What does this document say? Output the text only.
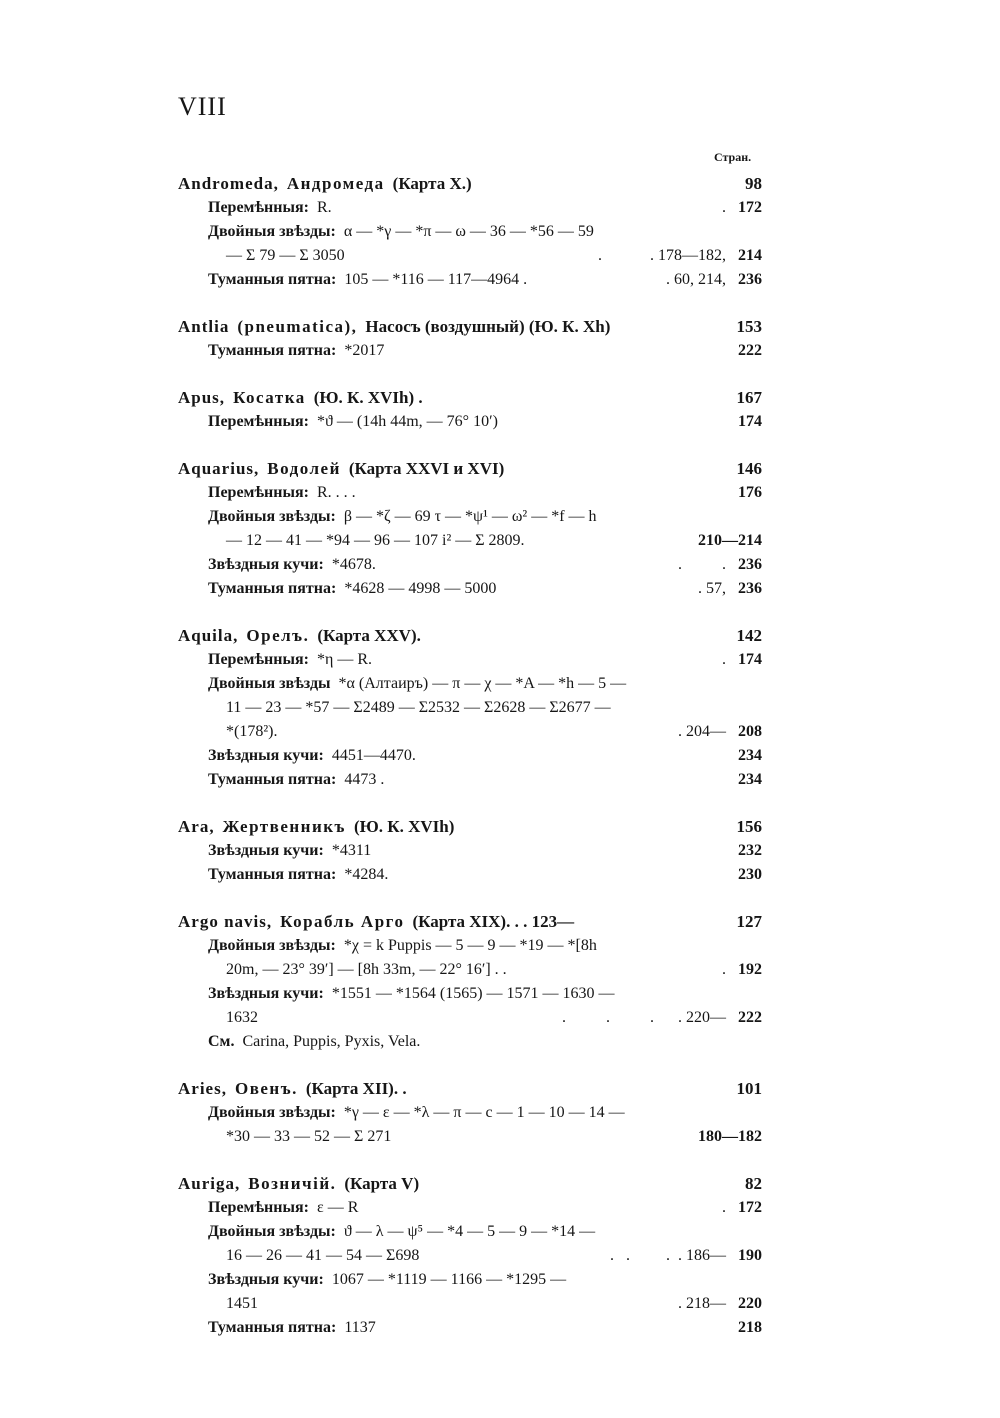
VIII
Стран.
Andromeda, Андромеда (Карта X.)	98
Перемѣнныя: R.	. 172
Двойныя звѣзды: α — *γ — *π — ω — 36 — *56 — 59
— Σ 79 — Σ 3050	.            . 178—182, 214
Туманныя пятна: 105 — *116 — 117—4964 .	. 60, 214, 236
Antlia (pneumatica), Насосъ (воздушный) (Ю. К. Xh)	153
Туманныя пятна: *2017	222
Apus, Косатка (Ю. К. XVIh) .	167
Перемѣнныя: *ϑ — (14h 44m, — 76° 10′)	174
Aquarius, Водолей (Карта XXVI и XVI)	146
Перемѣнныя: R. . . .	176
Двойныя звѣзды: β — *ζ — 69 τ — *ψ¹ — ω² — *f — h
— 12 — 41 — *94 — 96 — 107 i² — Σ 2809.	210—214
Звѣздныя кучи: *4678.	.          . 236
Туманныя пятна: *4628 — 4998 — 5000	. 57, 236
Aquila, Орелъ. (Карта XXV).	142
Перемѣнныя: *η — R.	. 174
Двойныя звѣзды *α (Алтаиръ) — π — χ — *A — *h — 5 —
11 — 23 — *57 — Σ2489 — Σ2532 — Σ2628 — Σ2677 —
*(178²).	. 204— 208
Звѣздныя кучи: 4451—4470.	234
Туманныя пятна: 4473 .	234
Ara, Жертвенникъ (Ю. К. XVIh)	156
Звѣздныя кучи: *4311	232
Туманныя пятна: *4284.	230
Argo navis, Корабль Арго (Карта XIX). . . 123—	127
Двойныя звѣзды: *χ = k Puppis — 5 — 9 — *19 — *[8h
20m, — 23° 39′] — [8h 33m, — 22° 16′] . .	. 192
Звѣздныя кучи: *1551 — *1564 (1565) — 1571 — 1630 —
1632	.          .          .      . 220— 222
См. Carina, Puppis, Pyxis, Vela.
Aries, Овенъ. (Карта XII). .	101
Двойныя звѣзды: *γ — ε — *λ — π — c — 1 — 10 — 14 —
*30 — 33 — 52 — Σ 271	180—182
Auriga, Возничій. (Карта V)	82
Перемѣнныя: ε — R	. 172
Двойныя звѣзды: ϑ — λ — ψ⁵ — *4 — 5 — 9 — *14 —
16 — 26 — 41 — 54 — Σ698	.   .         .  . 186— 190
Звѣздныя кучи: 1067 — *1119 — 1166 — *1295 —
1451	. 218— 220
Туманныя пятна: 1137	218
